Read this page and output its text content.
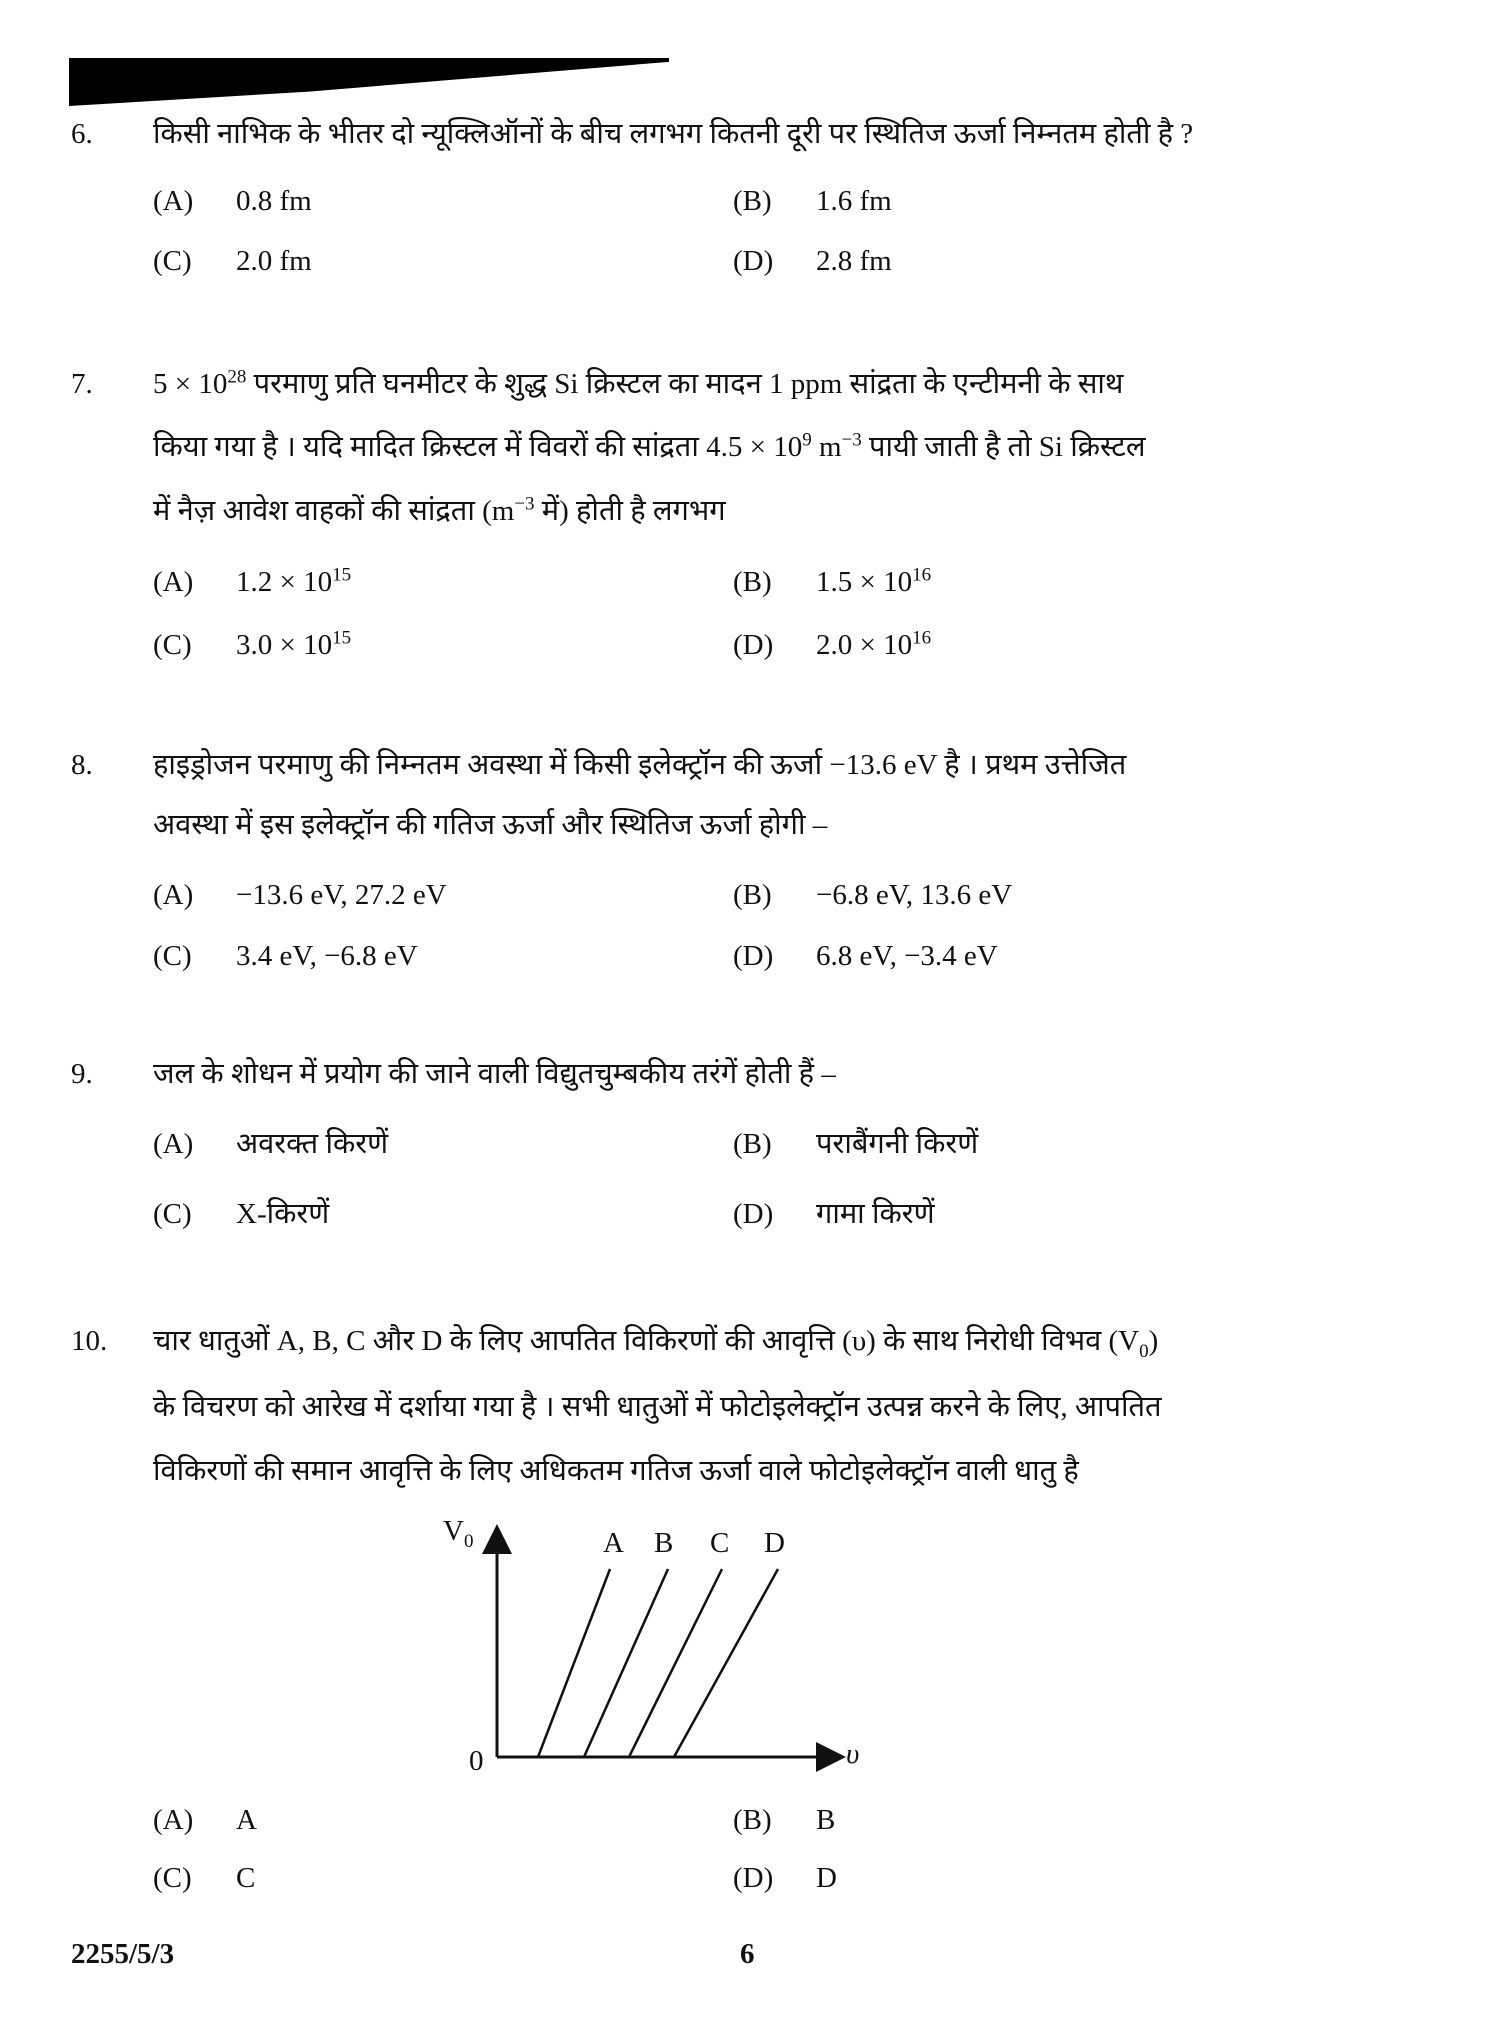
6. किसी नाभिक के भीतर दो न्यूक्लिऑनों के बीच लगभग कितनी दूरी पर स्थितिज ऊर्जा निम्नतम होती है ?
(A) 0.8 fm	(B) 1.6 fm
(C) 2.0 fm	(D) 2.8 fm
7. $5 \times 10^{28}$ परमाणु प्रति घनमीटर के शुद्ध Si क्रिस्टल का मादन 1 ppm सांद्रता के एन्टीमनी के साथ
किया गया है । यदि मादित क्रिस्टल में विवरों की सांद्रता $4.5 \times 10^9$ $m^{-3}$ पायी जाती है तो Si क्रिस्टल
में नैज़ आवेश वाहकों की सांद्रता ($m^{-3}$ में) होती है लगभग
(A) $1.2 \times 10^{15}$	(B) $1.5 \times 10^{16}$
(C) $3.0 \times 10^{15}$	(D) $2.0 \times 10^{16}$
8. हाइड्रोजन परमाणु की निम्नतम अवस्था में किसी इलेक्ट्रॉन की ऊर्जा −13.6 eV है । प्रथम उत्तेजित
अवस्था में इस इलेक्ट्रॉन की गतिज ऊर्जा और स्थितिज ऊर्जा होगी –
(A) −13.6 eV, 27.2 eV	(B) −6.8 eV, 13.6 eV
(C) 3.4 eV, −6.8 eV	(D) 6.8 eV, −3.4 eV
9. जल के शोधन में प्रयोग की जाने वाली विद्युतचुम्बकीय तरंगें होती हैं –
(A) अवरक्त किरणें	(B) पराबैंगनी किरणें
(C) X-किरणें	(D) गामा किरणें
10. चार धातुओं A, B, C और D के लिए आपतित विकिरणों की आवृत्ति (υ) के साथ निरोधी विभव $(V_0)$
के विचरण को आरेख में दर्शाया गया है । सभी धातुओं में फोटोइलेक्ट्रॉन उत्पन्न करने के लिए, आपतित
विकिरणों की समान आवृत्ति के लिए अधिकतम गतिज ऊर्जा वाले फोटोइलेक्ट्रॉन वाली धातु है
$V_0$
0	υ
A B C D
(A) A	(B) B
(C) C	(D) D
2255/5/3	6
